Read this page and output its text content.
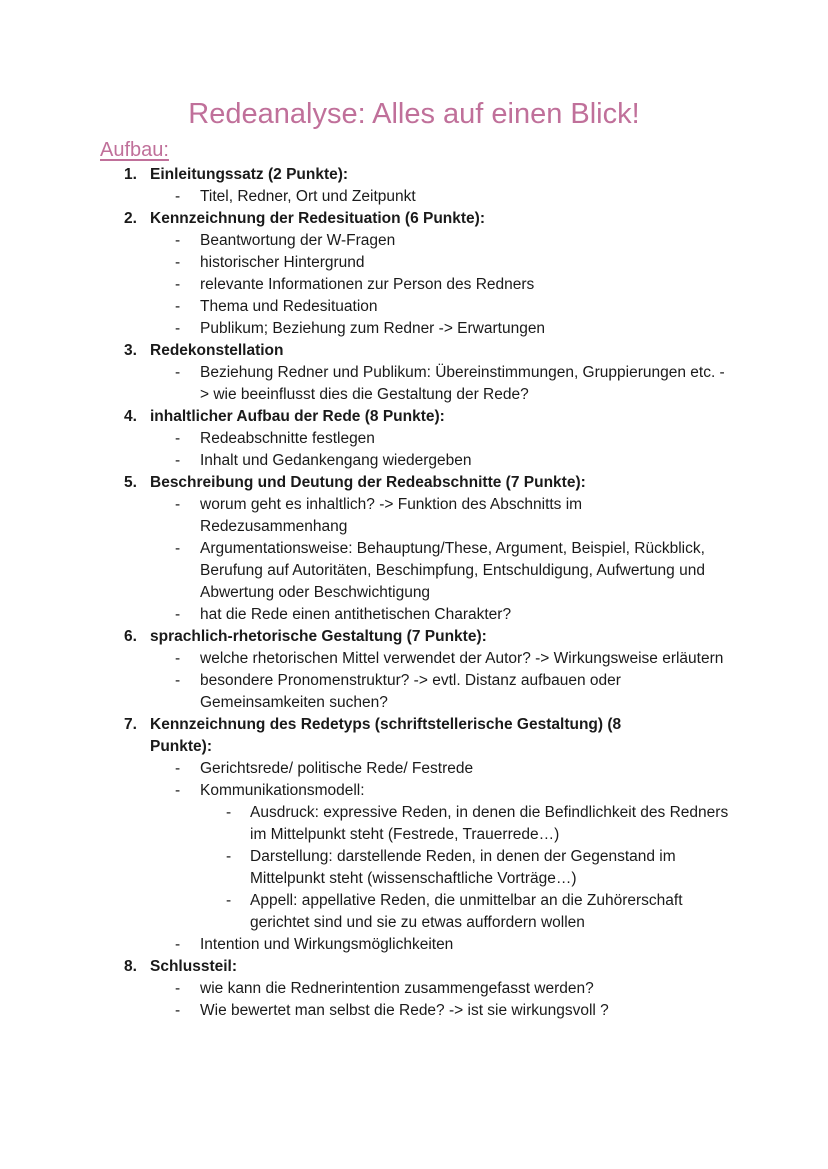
Redeanalyse: Alles auf einen Blick!
Aufbau:
1. Einleitungssatz (2 Punkte):
- Titel, Redner, Ort und Zeitpunkt
2. Kennzeichnung der Redesituation (6 Punkte):
- Beantwortung der W-Fragen
- historischer Hintergrund
- relevante Informationen zur Person des Redners
- Thema und Redesituation
- Publikum; Beziehung zum Redner -> Erwartungen
3. Redekonstellation
- Beziehung Redner und Publikum: Übereinstimmungen, Gruppierungen etc. -> wie beeinflusst dies die Gestaltung der Rede?
4. inhaltlicher Aufbau der Rede (8 Punkte):
- Redeabschnitte festlegen
- Inhalt und Gedankengang wiedergeben
5. Beschreibung und Deutung der Redeabschnitte (7 Punkte):
- worum geht es inhaltlich? -> Funktion des Abschnitts im Redezusammenhang
- Argumentationsweise: Behauptung/These, Argument, Beispiel, Rückblick, Berufung auf Autoritäten, Beschimpfung, Entschuldigung, Aufwertung und Abwertung oder Beschwichtigung
- hat die Rede einen antithetischen Charakter?
6. sprachlich-rhetorische Gestaltung (7 Punkte):
- welche rhetorischen Mittel verwendet der Autor? -> Wirkungsweise erläutern
- besondere Pronomenstruktur? -> evtl. Distanz aufbauen oder Gemeinsamkeiten suchen?
7. Kennzeichnung des Redetyps (schriftstellerische Gestaltung) (8 Punkte):
- Gerichtsrede/ politische Rede/ Festrede
- Kommunikationsmodell:
- Ausdruck: expressive Reden, in denen die Befindlichkeit des Redners im Mittelpunkt steht (Festrede, Trauerrede…)
- Darstellung: darstellende Reden, in denen der Gegenstand im Mittelpunkt steht (wissenschaftliche Vorträge…)
- Appell: appellative Reden, die unmittelbar an die Zuhörerschaft gerichtet sind und sie zu etwas auffordern wollen
- Intention und Wirkungsmöglichkeiten
8. Schlussteil:
- wie kann die Rednerintention zusammengefasst werden?
- Wie bewertet man selbst die Rede? -> ist sie wirkungsvoll ?
